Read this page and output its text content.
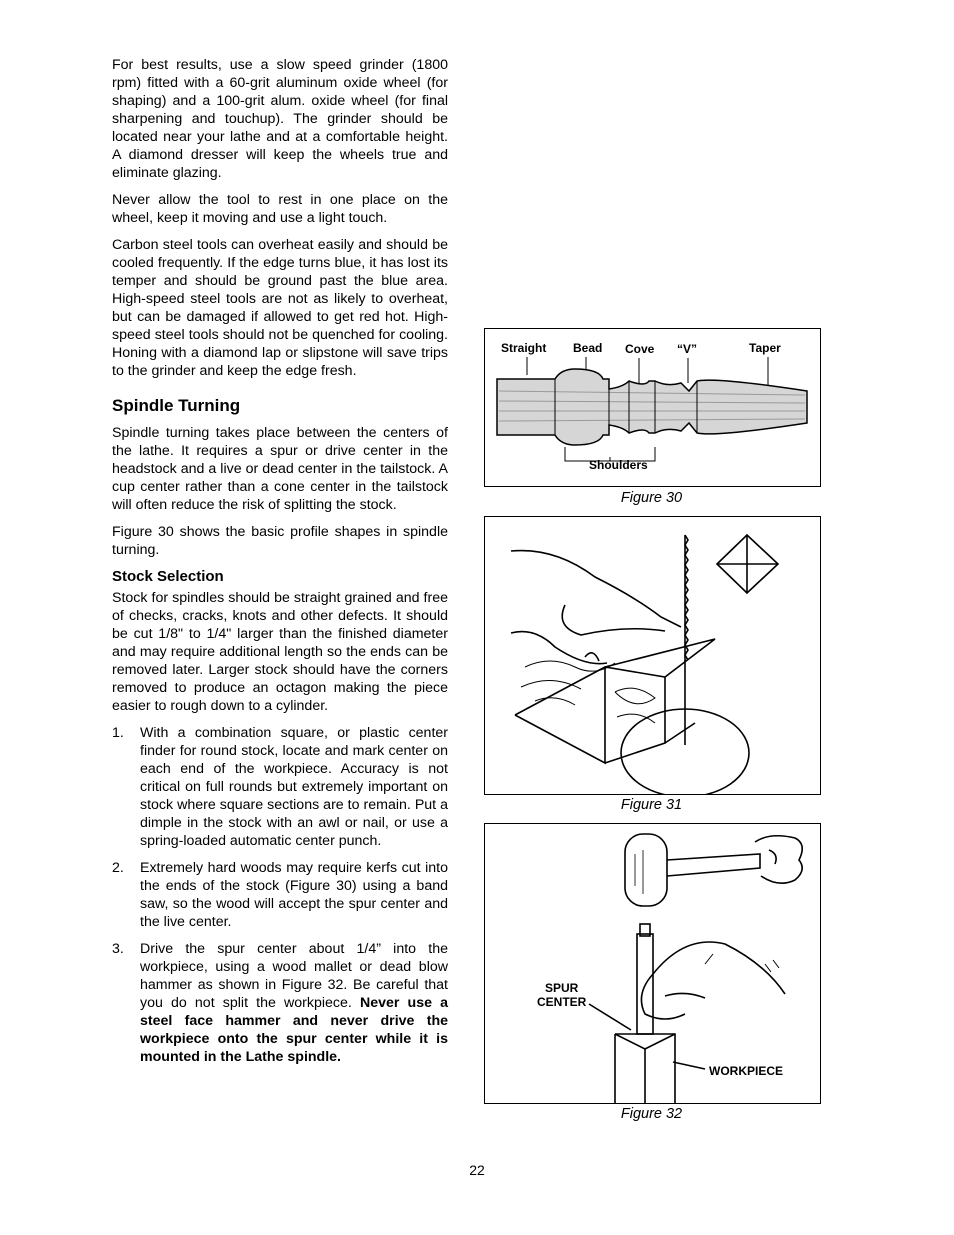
For best results, use a slow speed grinder (1800 rpm) fitted with a 60-grit aluminum oxide wheel (for shaping) and a 100-grit alum. oxide wheel (for final sharpening and touchup). The grinder should be located near your lathe and at a comfortable height. A diamond dresser will keep the wheels true and eliminate glazing.

Never allow the tool to rest in one place on the wheel, keep it moving and use a light touch.

Carbon steel tools can overheat easily and should be cooled frequently. If the edge turns blue, it has lost its temper and should be ground past the blue area. High-speed steel tools are not as likely to overheat, but can be damaged if allowed to get red hot. High-speed steel tools should not be quenched for cooling. Honing with a diamond lap or slipstone will save trips to the grinder and keep the edge fresh.

Spindle Turning

Spindle turning takes place between the centers of the lathe. It requires a spur or drive center in the headstock and a live or dead center in the tailstock. A cup center rather than a cone center in the tailstock will often reduce the risk of splitting the stock.

Figure 30 shows the basic profile shapes in spindle turning.

Stock Selection

Stock for spindles should be straight grained and free of checks, cracks, knots and other defects. It should be cut 1/8" to 1/4" larger than the finished diameter and may require additional length so the ends can be removed later. Larger stock should have the corners removed to produce an octagon making the piece easier to rough down to a cylinder.

1. With a combination square, or plastic center finder for round stock, locate and mark center on each end of the workpiece. Accuracy is not critical on full rounds but extremely important on stock where square sections are to remain. Put a dimple in the stock with an awl or nail, or use a spring-loaded automatic center punch.
2. Extremely hard woods may require kerfs cut into the ends of the stock (Figure 30) using a band saw, so the wood will accept the spur center and the live center.
3. Drive the spur center about 1/4” into the workpiece, using a wood mallet or dead blow hammer as shown in Figure 32. Be careful that you do not split the workpiece. Never use a steel face hammer and never drive the workpiece onto the spur center while it is mounted in the Lathe spindle.
Straight Bead Cove “V”	Taper
Shoulders
Figure 30
Figure 31
SPUR
CENTER
WORKPIECE
Figure 32
22
